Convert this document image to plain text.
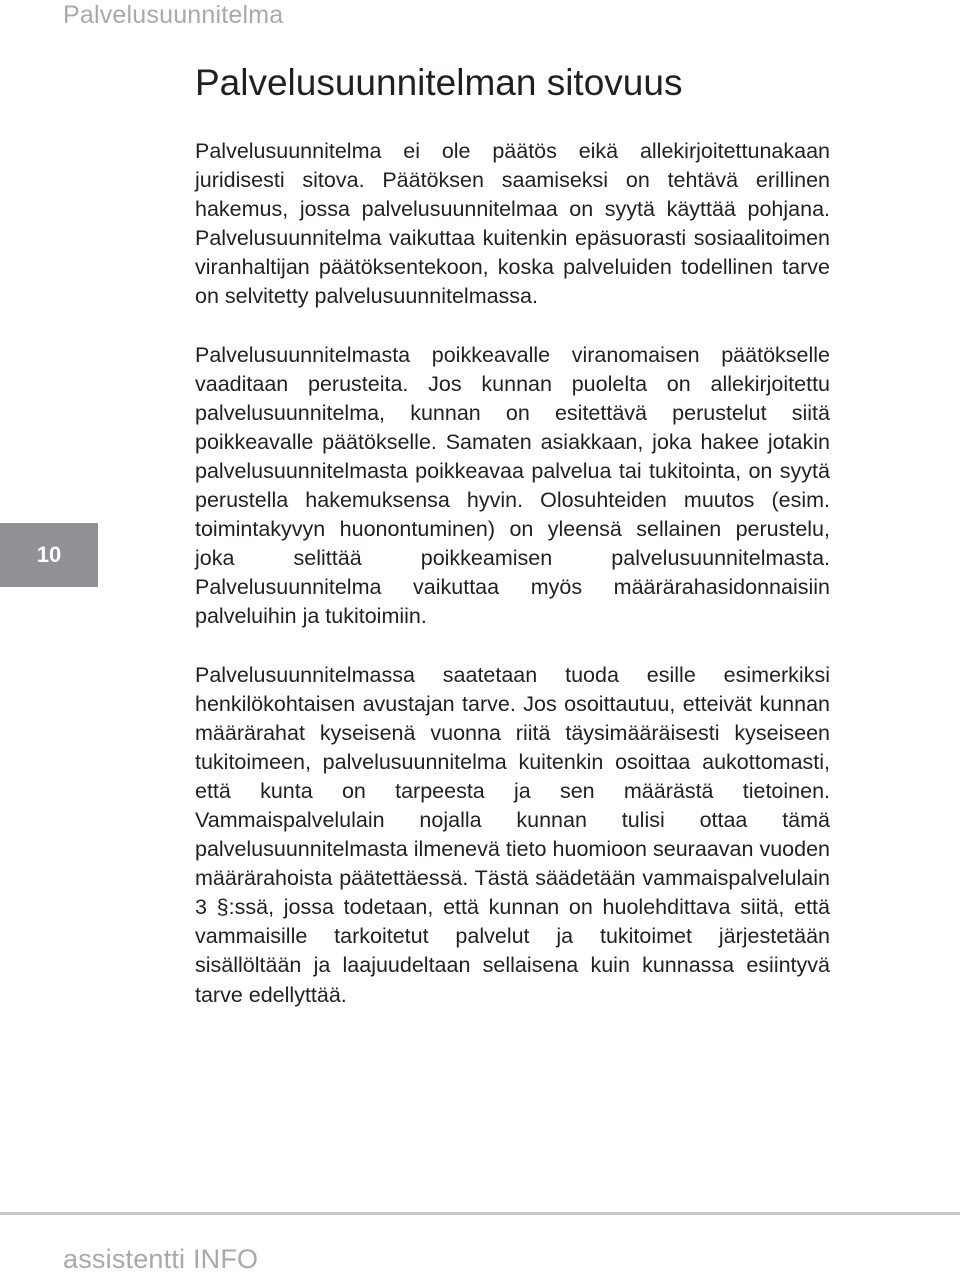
Palvelusuunnitelma
10
Palvelusuunnitelman sitovuus

Palvelusuunnitelma ei ole päätös eikä allekirjoitettunakaan juridisesti sitova. Päätöksen saamiseksi on tehtävä erillinen hakemus, jossa palvelusuunnitelmaa on syytä käyttää pohjana. Palvelusuunnitelma vaikuttaa kuitenkin epäsuorasti sosiaalitoimen viranhaltijan päätöksentekoon, koska palveluiden todellinen tarve on selvitetty palvelusuunnitelmassa.

Palvelusuunnitelmasta poikkeavalle viranomaisen päätökselle vaaditaan perusteita. Jos kunnan puolelta on allekirjoitettu palvelusuunnitelma, kunnan on esitettävä perustelut siitä poikkeavalle päätökselle. Samaten asiakkaan, joka hakee jotakin palvelusuunnitelmasta poikkeavaa palvelua tai tukitointa, on syytä perustella hakemuksensa hyvin. Olosuhteiden muutos (esim. toimintakyvyn huonontuminen) on yleensä sellainen perustelu, joka selittää poikkeamisen palvelusuunnitelmasta. Palvelusuunnitelma vaikuttaa myös määrärahasidonnaisiin palveluihin ja tukitoimiin.

Palvelusuunnitelmassa saatetaan tuoda esille esimerkiksi henkilökohtaisen avustajan tarve. Jos osoittautuu, etteivät kunnan määrärahat kyseisenä vuonna riitä täysimääräisesti kyseiseen tukitoimeen, palvelusuunnitelma kuitenkin osoittaa aukottomasti, että kunta on tarpeesta ja sen määrästä tietoinen. Vammaispalvelulain nojalla kunnan tulisi ottaa tämä palvelusuunnitelmasta ilmenevä tieto huomioon seuraavan vuoden määrärahoista päätettäessä. Tästä säädetään vammaispalvelulain 3 §:ssä, jossa todetaan, että kunnan on huolehdittava siitä, että vammaisille tarkoitetut palvelut ja tukitoimet järjestetään sisällöltään ja laajuudeltaan sellaisena kuin kunnassa esiintyvä tarve edellyttää.

assistentti INFO
